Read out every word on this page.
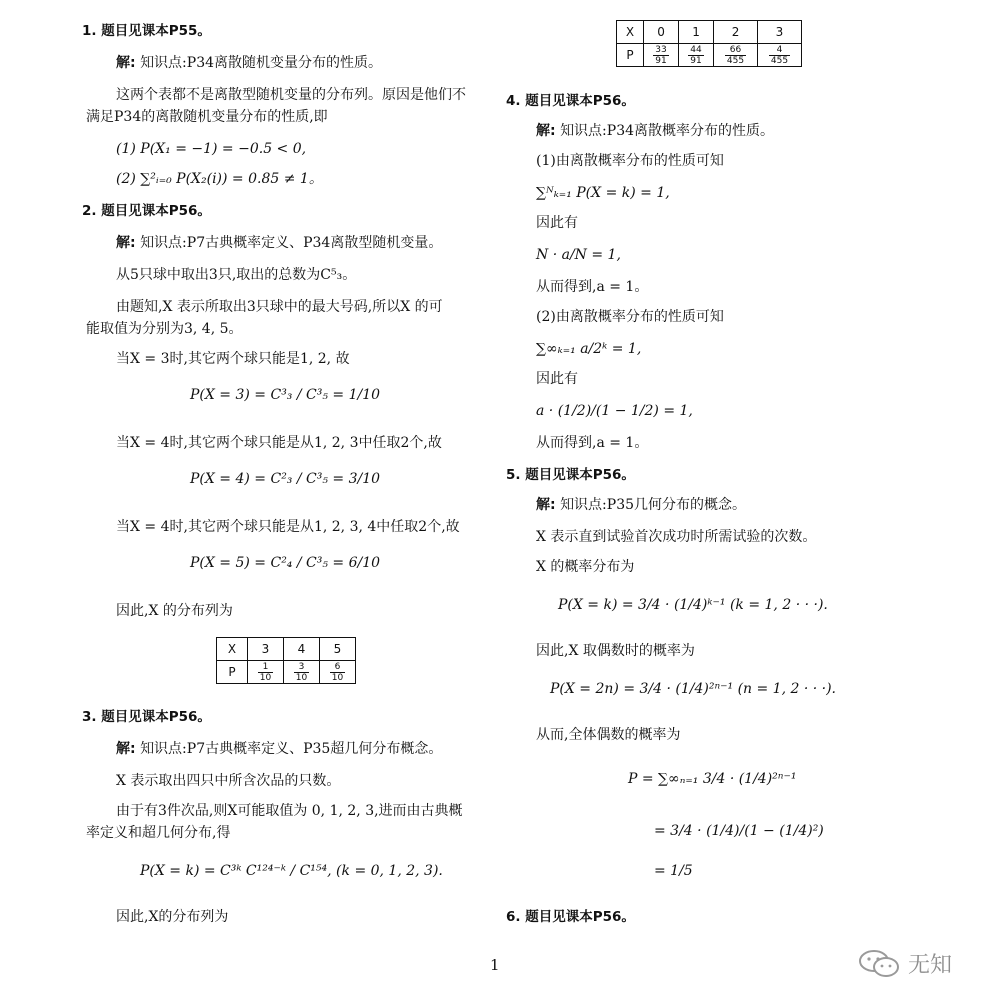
1. 题目见课本P55。
解: 知识点:P34离散随机变量分布的性质。
这两个表都不是离散型随机变量的分布列。原因是他们不
满足P34的离散随机变量分布的性质,即
(1) P(X₁ = −1) = −0.5 < 0,
(2) ∑²ᵢ₌₀ P(X₂(i)) = 0.85 ≠ 1。
2. 题目见课本P56。
解: 知识点:P7古典概率定义、P34离散型随机变量。
从5只球中取出3只,取出的总数为C⁵₃。
由题知,X 表示所取出3只球中的最大号码,所以X 的可
能取值为分别为3, 4, 5。
当X = 3时,其它两个球只能是1, 2, 故
P(X = 3) = C³₃ / C³₅ = 1/10
当X = 4时,其它两个球只能是从1, 2, 3中任取2个,故
P(X = 4) = C²₃ / C³₅ = 3/10
当X = 4时,其它两个球只能是从1, 2, 3, 4中任取2个,故
P(X = 5) = C²₄ / C³₅ = 6/10
因此,X 的分布列为
X	3	4	5
P	$\frac{1}{10}$	$\frac{3}{10}$	$\frac{6}{10}$
3. 题目见课本P56。
解: 知识点:P7古典概率定义、P35超几何分布概念。
X 表示取出四只中所含次品的只数。
由于有3件次品,则X可能取值为 0, 1, 2, 3,进而由古典概
率定义和超几何分布,得
P(X = k) = C³ᵏ C¹²⁴⁻ᵏ / C¹⁵⁴, (k = 0, 1, 2, 3).
因此,X的分布列为
X	0	1	2	3
P	$\frac{33}{91}$	$\frac{44}{91}$	$\frac{66}{455}$	$\frac{4}{455}$
4. 题目见课本P56。
解: 知识点:P34离散概率分布的性质。
(1)由离散概率分布的性质可知
∑ᴺₖ₌₁ P(X = k) = 1,
因此有
N · a/N = 1,
从而得到,a = 1。
(2)由离散概率分布的性质可知
∑∞ₖ₌₁ a/2ᵏ = 1,
因此有
a · (1/2)/(1 − 1/2) = 1,
从而得到,a = 1。
5. 题目见课本P56。
解: 知识点:P35几何分布的概念。
X 表示直到试验首次成功时所需试验的次数。
X 的概率分布为
P(X = k) = 3/4 · (1/4)ᵏ⁻¹ (k = 1, 2 · · ·).
因此,X 取偶数时的概率为
P(X = 2n) = 3/4 · (1/4)²ⁿ⁻¹ (n = 1, 2 · · ·).
从而,全体偶数的概率为
P = ∑∞ₙ₌₁ 3/4 · (1/4)²ⁿ⁻¹
= 3/4 · (1/4)/(1 − (1/4)²)
= 1/5
6. 题目见课本P56。
1	无知
